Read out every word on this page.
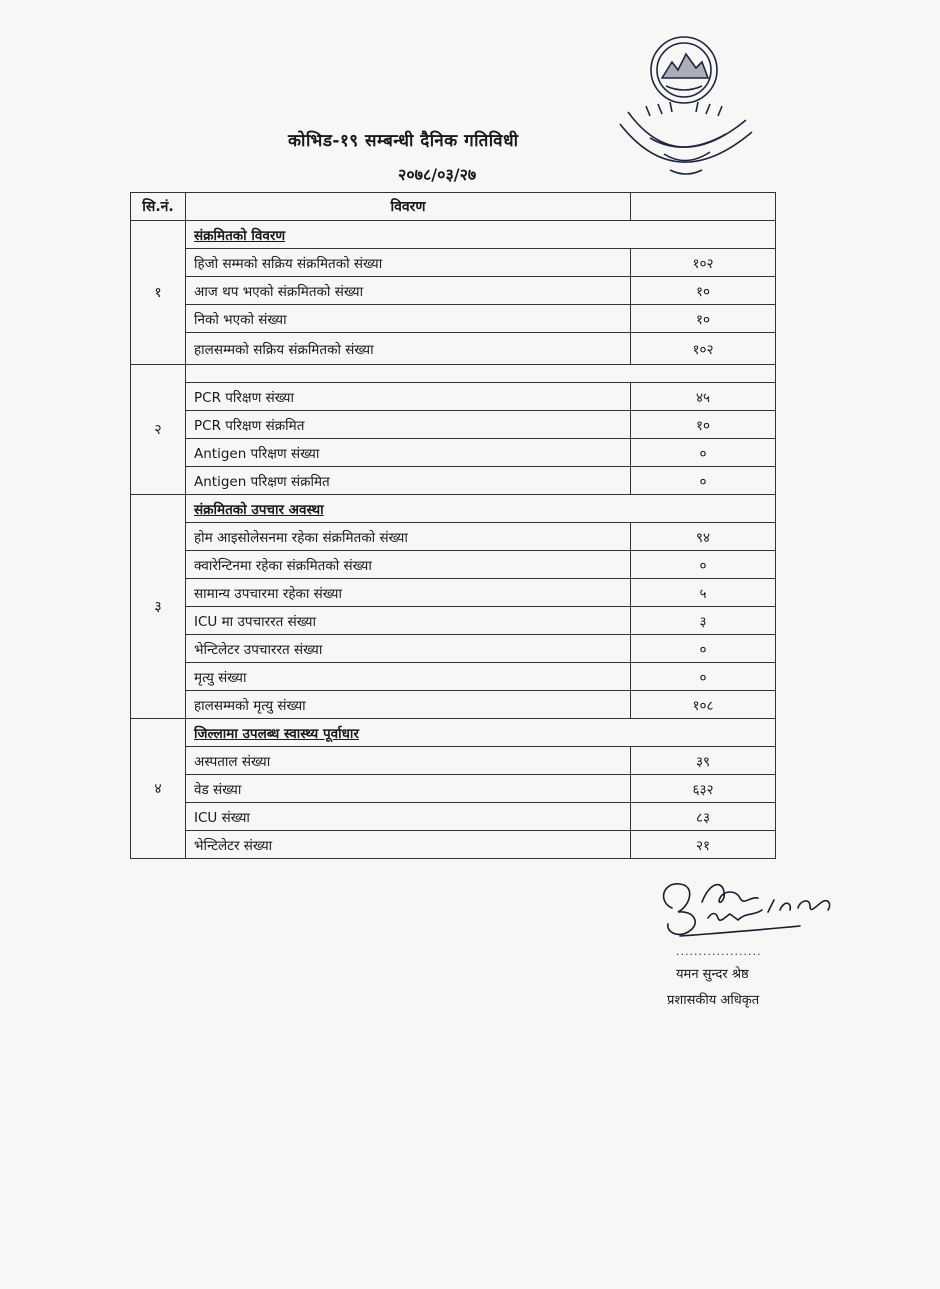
कोभिड-१९ सम्बन्धी दैनिक गतिविधी
२०७८/०३/२७
सि.नं.	विवरण	
१	संक्रमितको विवरण	
	हिजो सम्मको सक्रिय संक्रमितको संख्या	१०२
	आज थप भएको संक्रमितको संख्या	१०
	निको भएको संख्या	१०
	हालसम्मको सक्रिय संक्रमितको संख्या	१०२
२		
	PCR परिक्षण संख्या	४५
	PCR परिक्षण संक्रमित	१०
	Antigen परिक्षण संख्या	०
	Antigen परिक्षण संक्रमित	०
३	संक्रमितको उपचार अवस्था	
	होम आइसोलेसनमा रहेका संक्रमितको संख्या	९४
	क्वारेन्टिनमा रहेका संक्रमितको संख्या	०
	सामान्य उपचारमा रहेका संख्या	५
	ICU मा उपचाररत संख्या	३
	भेन्टिलेटर उपचाररत संख्या	०
	मृत्यु संख्या	०
	हालसम्मको मृत्यु संख्या	१०८
४	जिल्लामा उपलब्ध स्वास्थ्य पूर्वाधार	
	अस्पताल संख्या	३९
	वेड संख्या	६३२
	ICU संख्या	८३
	भेन्टिलेटर संख्या	२१
...................
यमन सुन्दर श्रेष्ठ
प्रशासकीय अधिकृत
